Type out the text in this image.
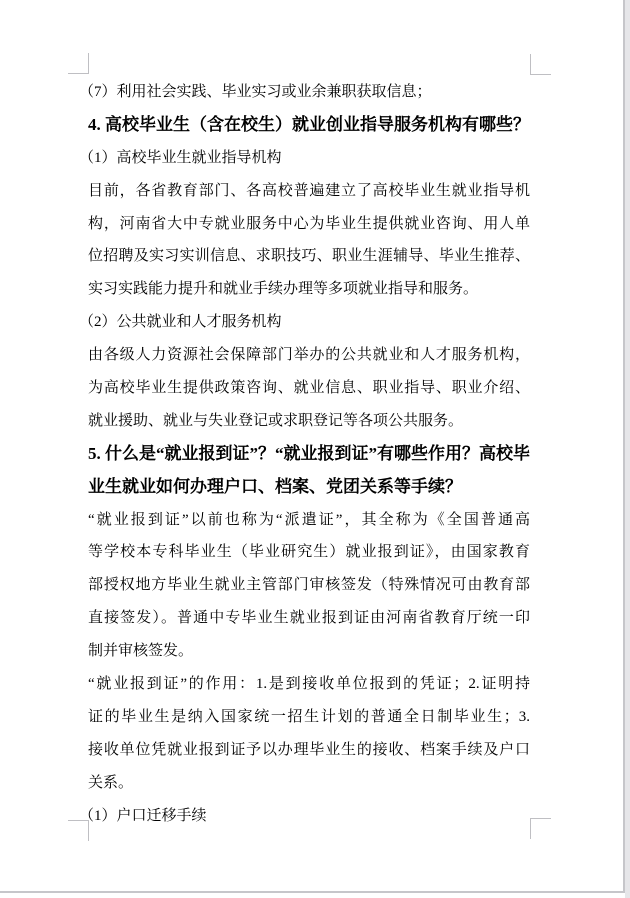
（7）利用社会实践、毕业实习或业余兼职获取信息；
4. 高校毕业生（含在校生）就业创业指导服务机构有哪些？
（1）高校毕业生就业指导机构
目前，各省教育部门、各高校普遍建立了高校毕业生就业指导机
构，河南省大中专就业服务中心为毕业生提供就业咨询、用人单
位招聘及实习实训信息、求职技巧、职业生涯辅导、毕业生推荐、
实习实践能力提升和就业手续办理等多项就业指导和服务。
（2）公共就业和人才服务机构
由各级人力资源社会保障部门举办的公共就业和人才服务机构，
为高校毕业生提供政策咨询、就业信息、职业指导、职业介绍、
就业援助、就业与失业登记或求职登记等各项公共服务。
5. 什么是“就业报到证”？“就业报到证”有哪些作用？高校毕
业生就业如何办理户口、档案、党团关系等手续？
“就业报到证”以前也称为“派遣证”，其全称为《全国普通高
等学校本专科毕业生（毕业研究生）就业报到证》，由国家教育
部授权地方毕业生就业主管部门审核签发（特殊情况可由教育部
直接签发）。普通中专毕业生就业报到证由河南省教育厅统一印
制并审核签发。
“就业报到证”的作用：1.是到接收单位报到的凭证；2.证明持
证的毕业生是纳入国家统一招生计划的普通全日制毕业生；3.
接收单位凭就业报到证予以办理毕业生的接收、档案手续及户口
关系。
（1）户口迁移手续
